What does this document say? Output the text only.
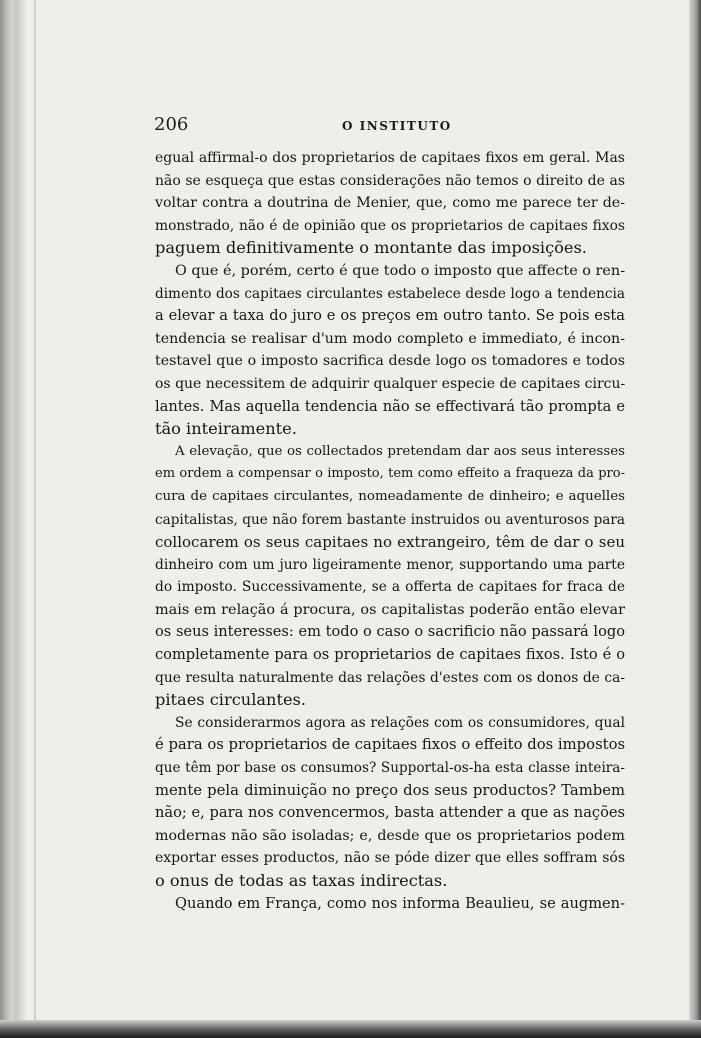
206	O INSTITUTO

egual affirmal-o dos proprietarios de capitaes fixos em geral. Mas
não se esqueça que estas considerações não temos o direito de as
voltar contra a doutrina de Menier, que, como me parece ter de-
monstrado, não é de opinião que os proprietarios de capitaes fixos
paguem definitivamente o montante das imposições.

O que é, porém, certo é que todo o imposto que affecte o ren-
dimento dos capitaes circulantes estabelece desde logo a tendencia
a elevar a taxa do juro e os preços em outro tanto. Se pois esta
tendencia se realisar d'um modo completo e immediato, é incon-
testavel que o imposto sacrifica desde logo os tomadores e todos
os que necessitem de adquirir qualquer especie de capitaes circu-
lantes. Mas aquella tendencia não se effectivará tão prompta e
tão inteiramente.

A elevação, que os collectados pretendam dar aos seus interesses
em ordem a compensar o imposto, tem como effeito a fraqueza da pro-
cura de capitaes circulantes, nomeadamente de dinheiro; e aquelles
capitalistas, que não forem bastante instruidos ou aventurosos para
collocarem os seus capitaes no extrangeiro, têm de dar o seu
dinheiro com um juro ligeiramente menor, supportando uma parte
do imposto. Successivamente, se a offerta de capitaes for fraca de
mais em relação á procura, os capitalistas poderão então elevar
os seus interesses: em todo o caso o sacrificio não passará logo
completamente para os proprietarios de capitaes fixos. Isto é o
que resulta naturalmente das relações d'estes com os donos de ca-
pitaes circulantes.

Se considerarmos agora as relações com os consumidores, qual
é para os proprietarios de capitaes fixos o effeito dos impostos
que têm por base os consumos? Supportal-os-ha esta classe inteira-
mente pela diminuição no preço dos seus productos? Tambem
não; e, para nos convencermos, basta attender a que as nações
modernas não são isoladas; e, desde que os proprietarios podem
exportar esses productos, não se póde dizer que elles soffram sós
o onus de todas as taxas indirectas.

Quando em França, como nos informa Beaulieu, se augmen-
